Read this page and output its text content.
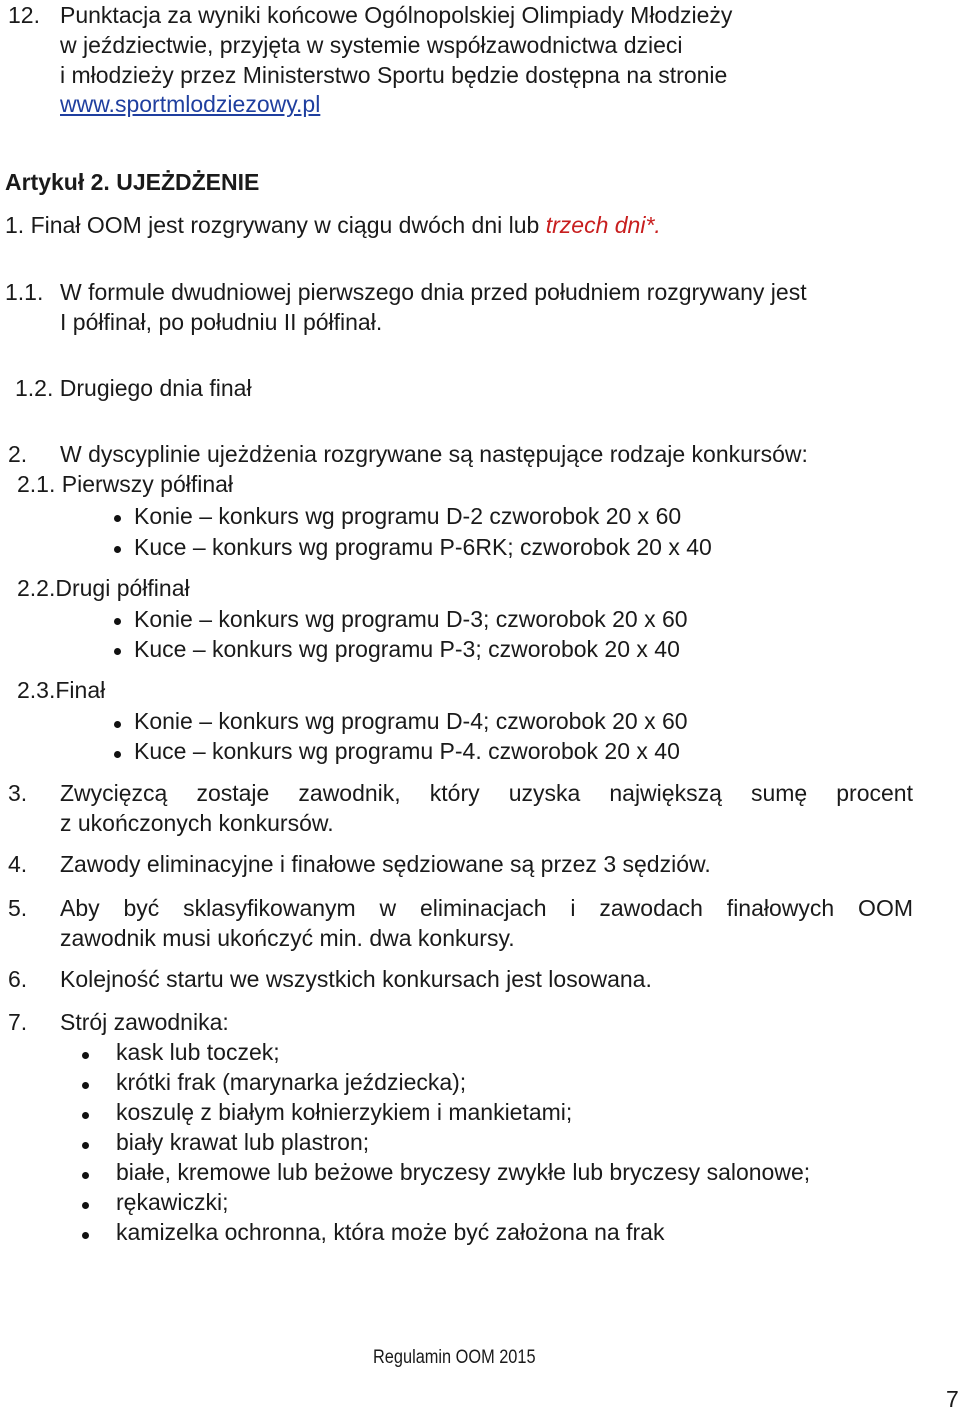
12. Punktacja za wyniki końcowe Ogólnopolskiej Olimpiady Młodzieży
w jeździectwie, przyjęta w systemie współzawodnictwa dzieci
i młodzieży przez Ministerstwo Sportu będzie dostępna na stronie
www.sportmlodziezowy.pl
Artykuł 2. UJEŻDŻENIE
1. Finał OOM jest rozgrywany w ciągu dwóch dni lub trzech dni*.
1.1. W formule dwudniowej pierwszego dnia przed południem rozgrywany jest
I półfinał, po południu II półfinał.
1.2. Drugiego dnia finał
2. W dyscyplinie ujeżdżenia rozgrywane są następujące rodzaje konkursów:
2.1. Pierwszy półfinał
Konie – konkurs wg programu D-2 czworobok 20 x 60
Kuce – konkurs wg programu P-6RK; czworobok 20 x 40
2.2.Drugi półfinał
Konie – konkurs wg programu D-3; czworobok 20 x 60
Kuce – konkurs wg programu P-3; czworobok 20 x 40
2.3.Finał
Konie – konkurs wg programu D-4; czworobok 20 x 60
Kuce – konkurs wg programu P-4. czworobok 20 x 40
3. Zwycięzcą zostaje zawodnik, który uzyska największą sumę procent
z ukończonych konkursów.
4. Zawody eliminacyjne i finałowe sędziowane są przez 3 sędziów.
5. Aby być sklasyfikowanym w eliminacjach i zawodach finałowych OOM
zawodnik musi ukończyć min. dwa konkursy.
6. Kolejność startu we wszystkich konkursach jest losowana.
7. Strój zawodnika:
kask lub toczek;
krótki frak (marynarka jeździecka);
koszulę z białym kołnierzykiem i mankietami;
biały krawat lub plastron;
białe, kremowe lub beżowe bryczesy zwykłe lub bryczesy salonowe;
rękawiczki;
kamizelka ochronna, która może być założona na frak
Regulamin OOM 2015
7
